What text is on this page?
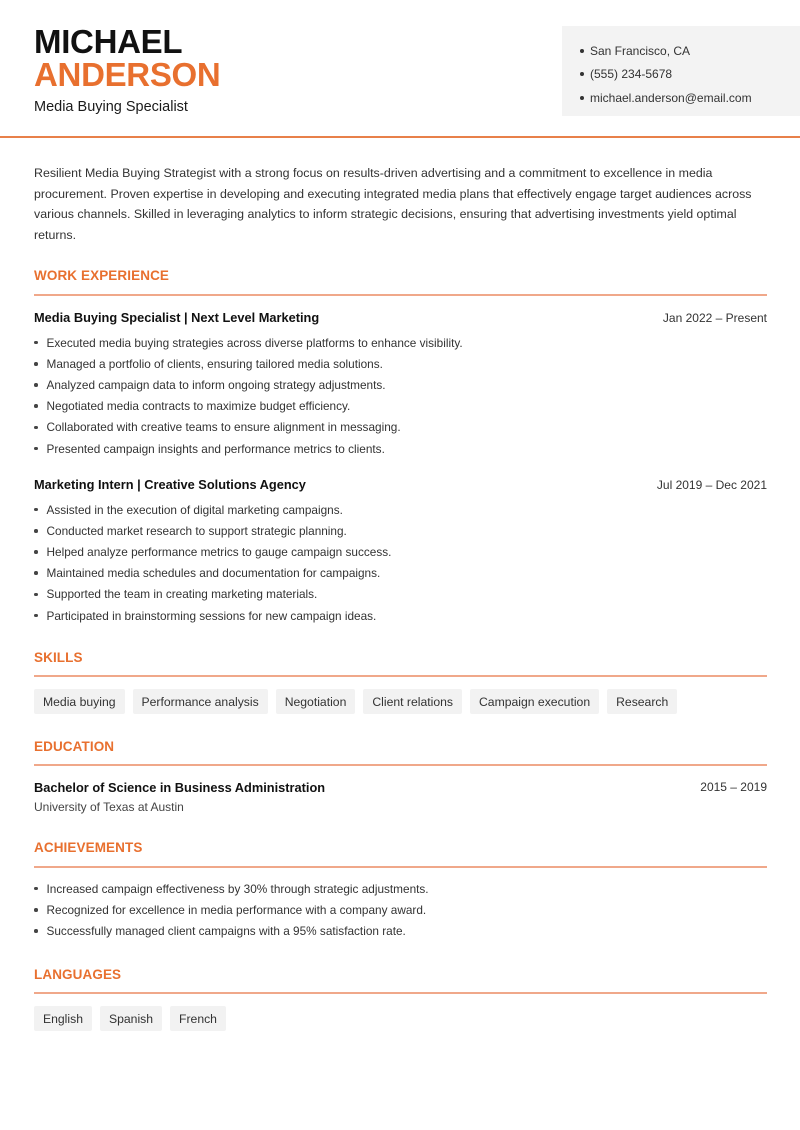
MICHAEL
ANDERSON
Media Buying Specialist
San Francisco, CA
(555) 234-5678
michael.anderson@email.com

Resilient Media Buying Strategist with a strong focus on results-driven advertising and a commitment to excellence in media procurement. Proven expertise in developing and executing integrated media plans that effectively engage target audiences across various channels. Skilled in leveraging analytics to inform strategic decisions, ensuring that advertising investments yield optimal returns.

WORK EXPERIENCE
Media Buying Specialist | Next Level Marketing	Jan 2022 – Present
Executed media buying strategies across diverse platforms to enhance visibility.
Managed a portfolio of clients, ensuring tailored media solutions.
Analyzed campaign data to inform ongoing strategy adjustments.
Negotiated media contracts to maximize budget efficiency.
Collaborated with creative teams to ensure alignment in messaging.
Presented campaign insights and performance metrics to clients.
Marketing Intern | Creative Solutions Agency	Jul 2019 – Dec 2021
Assisted in the execution of digital marketing campaigns.
Conducted market research to support strategic planning.
Helped analyze performance metrics to gauge campaign success.
Maintained media schedules and documentation for campaigns.
Supported the team in creating marketing materials.
Participated in brainstorming sessions for new campaign ideas.
SKILLS
Media buying	Performance analysis	Negotiation	Client relations	Campaign execution	Research
EDUCATION
Bachelor of Science in Business Administration	2015 – 2019
University of Texas at Austin
ACHIEVEMENTS
Increased campaign effectiveness by 30% through strategic adjustments.
Recognized for excellence in media performance with a company award.
Successfully managed client campaigns with a 95% satisfaction rate.
LANGUAGES
English	Spanish	French
